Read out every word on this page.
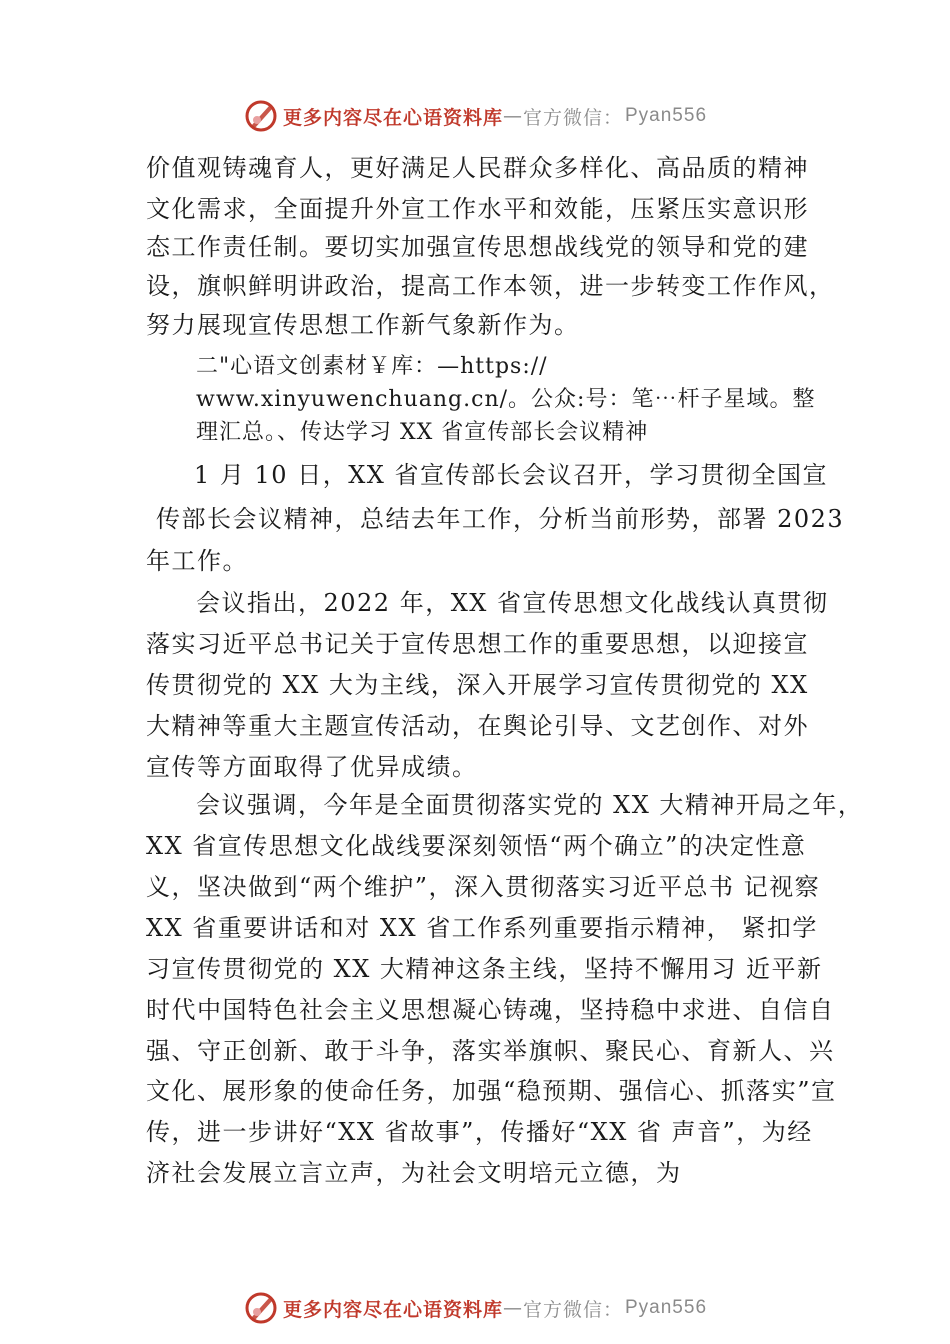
更多内容尽在心语资料库 — 官方微信： Pyan556
价值观铸魂育人，更好满足人民群众多样化、高品质的精神
文化需求，全面提升外宣工作水平和效能，压紧压实意识形
态工作责任制。要切实加强宣传思想战线党的领导和党的建
设，旗帜鲜明讲政治，提高工作本领，进一步转变工作作风，
努力展现宣传思想工作新气象新作为。
二"心语文创素材￥库：—https://
www.xinyuwenchuang.cn/。公众:号：笔⋯杆子星域。整
理汇总。、传达学习 XX 省宣传部长会议精神
1 月 10 日，XX 省宣传部长会议召开，学习贯彻全国宣
传部长会议精神，总结去年工作，分析当前形势，部署 2023
年工作。
会议指出，2022 年，XX 省宣传思想文化战线认真贯彻
落实习近平总书记关于宣传思想工作的重要思想，以迎接宣
传贯彻党的 XX 大为主线，深入开展学习宣传贯彻党的 XX
大精神等重大主题宣传活动，在舆论引导、文艺创作、对外
宣传等方面取得了优异成绩。
会议强调，今年是全面贯彻落实党的 XX 大精神开局之年，
XX 省宣传思想文化战线要深刻领悟“两个确立”的决定性意
义，坚决做到“两个维护”，深入贯彻落实习近平总书 记视察
XX 省重要讲话和对 XX 省工作系列重要指示精神， 紧扣学
习宣传贯彻党的 XX 大精神这条主线，坚持不懈用习 近平新
时代中国特色社会主义思想凝心铸魂，坚持稳中求进、自信自
强、守正创新、敢于斗争，落实举旗帜、聚民心、育新人、兴
文化、展形象的使命任务，加强“稳预期、强信心、抓落实”宣
传，进一步讲好“XX 省故事”，传播好“XX 省 声音”，为经
济社会发展立言立声，为社会文明培元立德，为
更多内容尽在心语资料库 — 官方微信： Pyan556
